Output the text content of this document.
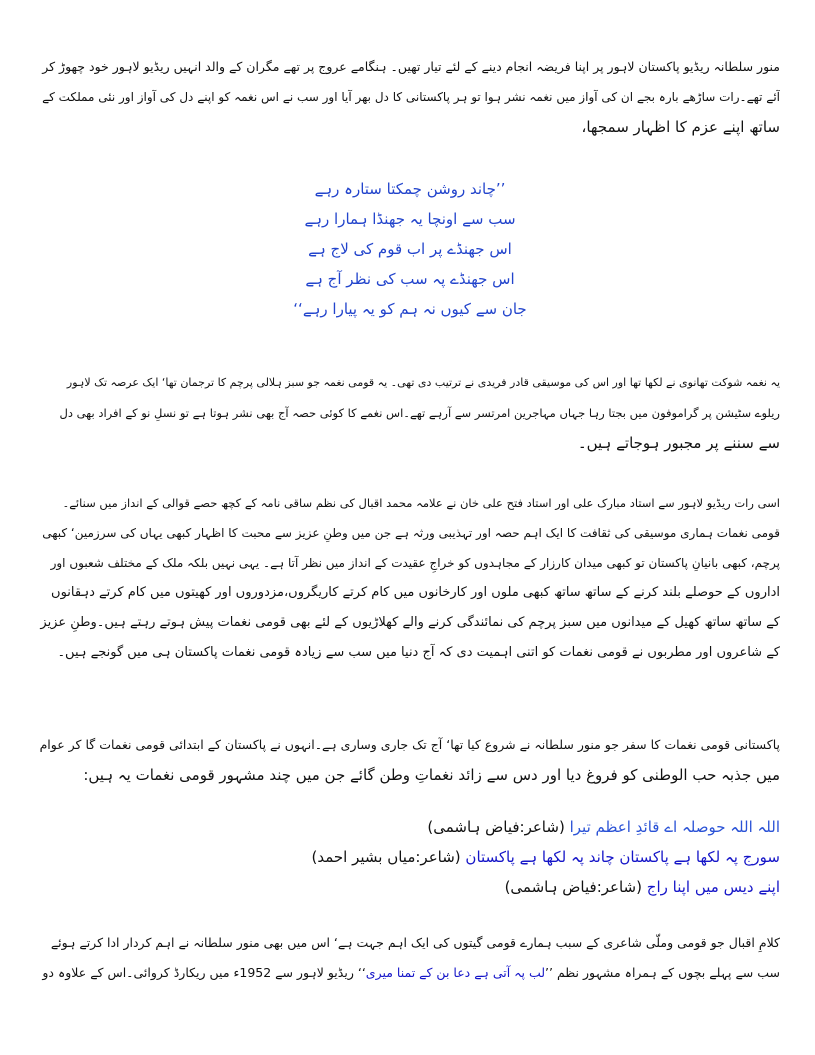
منور سلطانہ ریڈیو پاکستان لاہور پر اپنا فریضہ انجام دینے کے لئے تیار تھیں۔ ہنگامے عروج پر تھے مگران کے والد انہیں ریڈیو لاہور خود چھوڑ کر
آئے تھے۔رات ساڑھے بارہ بجے ان کی آواز میں نغمہ نشر ہوا تو ہر پاکستانی کا دل بھر آیا اور سب نے اس نغمہ کو اپنے دل کی آواز اور نئی مملکت کے
ساتھ اپنے عزم کا اظہار سمجھا،
’’چاند روشن چمکتا ستارہ رہے
سب سے اونچا یہ جھنڈا ہمارا رہے
اس جھنڈے پر اب قوم کی لاج ہے
اس جھنڈے پہ سب کی نظر آج ہے
جان سے کیوں نہ ہم کو یہ پیارا رہے‘‘
یہ نغمہ شوکت تھانوی نے لکھا تھا اور اس کی موسیقی قادر فریدی نے ترتیب دی تھی۔ یہ قومی نغمہ جو سبز ہلالی پرچم کا ترجمان تھا‘ ایک عرصہ تک لاہور
ریلوے سٹیشن پر گراموفون میں بجتا رہا جہاں مہاجرین امرتسر سے آرہے تھے۔اس نغمے کا کوئی حصہ آج بھی نشر ہوتا ہے تو نسلِ نو کے افراد بھی دل
سے سننے پر مجبور ہوجاتے ہیں۔
اسی رات ریڈیو لاہور سے استاد مبارک علی اور استاد فتح علی خان نے علامہ محمد اقبال کی نظم ساقی نامہ کے کچھ حصے قوالی کے انداز میں سنائے۔
قومی نغمات ہماری موسیقی کی ثقافت کا ایک اہم حصہ اور تہذیبی ورثہ ہے جن میں وطنِ عزیز سے محبت کا اظہار کبھی یہاں کی سرزمین‘ کبھی
پرچم، کبھی بانیانِ پاکستان تو کبھی میدان کارزار کے مجاہدوں کو خراجِ عقیدت کے انداز میں نظر آتا ہے۔ یہی نہیں بلکہ ملک کے مختلف شعبوں اور
اداروں کے حوصلے بلند کرنے کے ساتھ ساتھ کبھی ملوں اور کارخانوں میں کام کرتے کاریگروں،مزدوروں اور کھیتوں میں کام کرتے دہقانوں
کے ساتھ ساتھ کھیل کے میدانوں میں سبز پرچم کی نمائندگی کرنے والے کھلاڑیوں کے لئے بھی قومی نغمات پیش ہوتے رہتے ہیں۔وطنِ عزیز
کے شاعروں اور مطربوں نے قومی نغمات کو اتنی اہمیت دی کہ آج دنیا میں سب سے زیادہ قومی نغمات پاکستان ہی میں گونجے ہیں۔
پاکستانی قومی نغمات کا سفر جو منور سلطانہ نے شروع کیا تھا‘ آج تک جاری وساری ہے۔انہوں نے پاکستان کے ابتدائی قومی نغمات گا کر عوام
میں جذبہ حب الوطنی کو فروغ دیا اور دس سے زائد نغماتِ وطن گائے جن میں چند مشہور قومی نغمات یہ ہیں:
اللہ اللہ حوصلہ اے قائدِ اعظم تیرا (شاعر:فیاض ہاشمی)
سورج پہ لکھا ہے پاکستان چاند پہ لکھا ہے پاکستان (شاعر:میاں بشیر احمد)
اپنے دیس میں اپنا راج (شاعر:فیاض ہاشمی)
کلامِ اقبال جو قومی وملّی شاعری کے سبب ہمارے قومی گیتوں کی ایک اہم جہت ہے‘ اس میں بھی منور سلطانہ نے اہم کردار ادا کرتے ہوئے
سب سے پہلے بچوں کے ہمراہ مشہور نظم ’’لب پہ آتی ہے دعا بن کے تمنا میری‘‘ ریڈیو لاہور سے 1952ء میں ریکارڈ کروائی۔اس کے علاوہ دو
